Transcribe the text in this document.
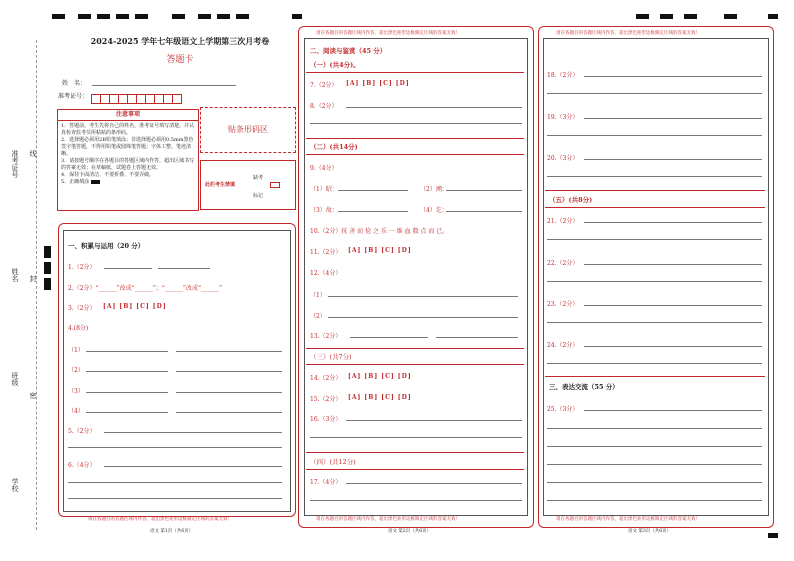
准考证号 线
姓名 封
班级
密
学校
2024-2025 学年七年级语文上学期第三次月考卷
答题卡
姓　名：
准考证号：
注意事项
1．答题前，考生先将自己的姓名，准考证号填写清楚，并认真检查监考员所粘贴的条形码。
2．选择题必须用2B铅笔填涂；非选择题必须用0.5mm黑色签字笔答题，不得用铅笔或圆珠笔答题；字体工整、笔迹清晰。
3．请按题号顺序在各题目的答题区域内作答，超出区域书写的答案无效；在草稿纸、试题卷上答题无效。
4．保持卡面清洁，不要折叠、不要弄破。
5．正确填涂
贴条形码区
此栏考生禁填
缺考
标记
一、积累与运用（20 分）
1.（2分）
2.（2分）“______”改成“______”；“______”改成“______”
3.（2分） [A] [B] [C] [D]
4.(8分)
（1）
（2）
（3）
（4）
5.（2分）
6.（4分）
请在各题目的答题区域内作答，超出黑色矩形边框限定区域的答案无效！
语文 第1页（共6页）
请在各题目的答题区域内作答，超出黑色矩形边框限定区域的答案无效！
二、阅读与鉴赏（45 分）
（一）(共4分)。
7.（2分） [A] [B] [C] [D]
8.（2分）
（二）(共14分)
9.（4分）
（1）昭：	（2）溯：
（3）故：	（4）讫：
10.（2分）抚 善 而 俭 之 乐 一 维 血 数 点 而 已。
11.（2分） [A] [B] [C] [D]
12.（4分）
（1）
（2）
13.（2分）
（三）(共7分)
14.（2分） [A] [B] [C] [D]
15.（2分） [A] [B] [C] [D]
16.（3分）
（四）(共12分)
17.（4分）
请在各题目的答题区域内作答，超出黑色矩形边框限定区域的答案无效！
语文 第2页（共6页）
请在各题目的答题区域内作答，超出黑色矩形边框限定区域的答案无效！
18.（2分）
19.（3分）
20.（3分）
（五）(共8分)
21.（2分）
22.（2分）
23.（2分）
24.（2分）
三、表达交流（55 分）
25.（3分）
请在各题目的答题区域内作答，超出黑色矩形边框限定区域的答案无效！
语文 第3页（共6页）
